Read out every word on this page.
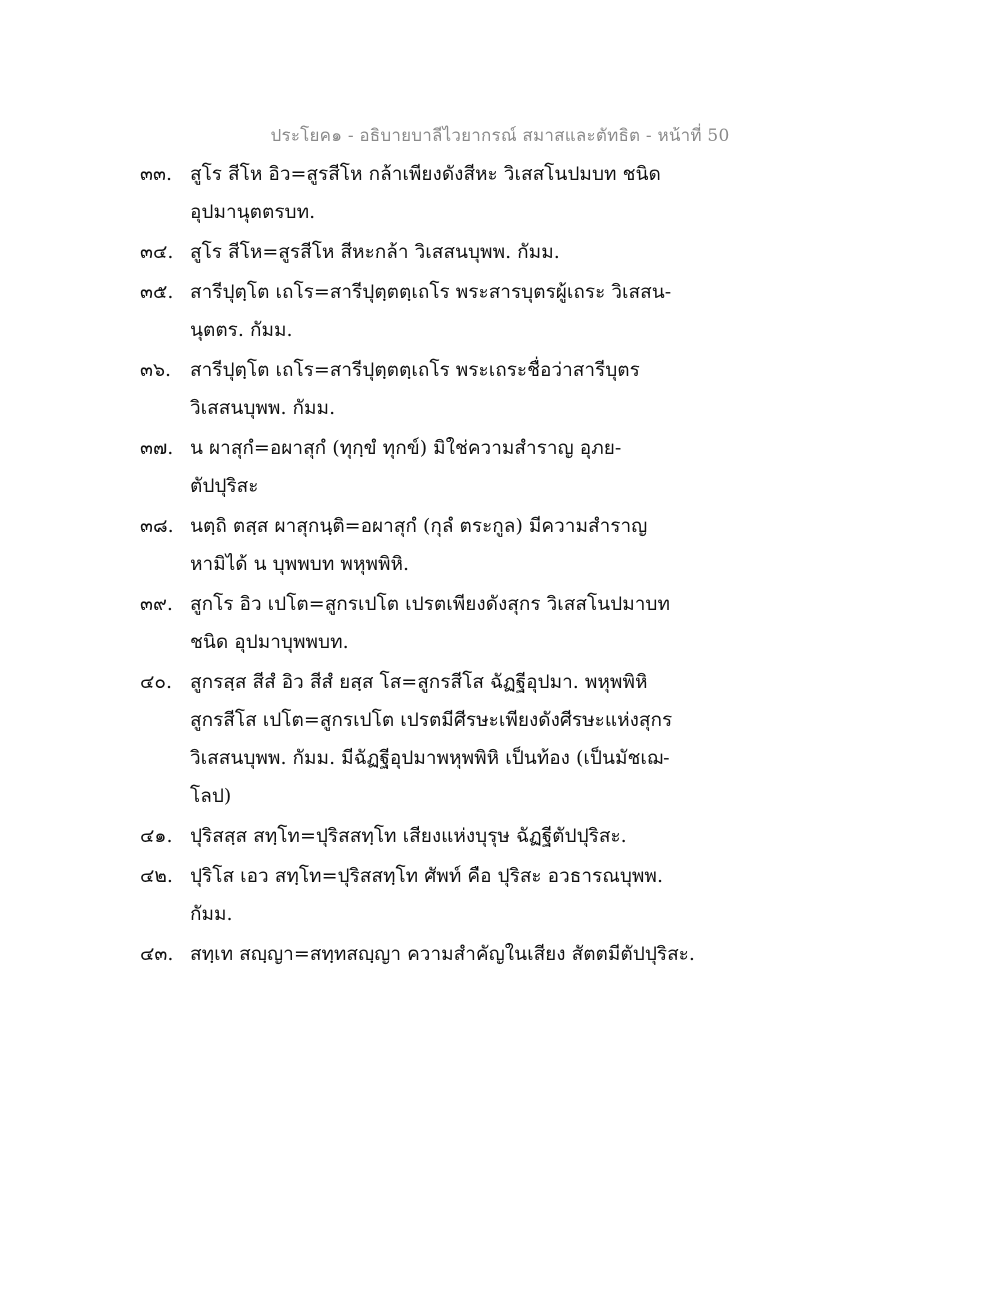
ประโยค๑ - อธิบายบาลีไวยากรณ์ สมาสและตัทธิต - หน้าที่ 50
๓๓. สูโร สีโห อิว=สูรสีโห กล้าเพียงดังสีหะ วิเสสโนปมบท ชนิด
อุปมานุตตรบท.
๓๔. สูโร สีโห=สูรสีโห สีหะกล้า วิเสสนบุพพ. กัมม.
๓๕. สารีปุตฺโต เถโร=สารีปุตฺตตฺเถโร พระสารบุตรผู้เถระ วิเสสน-
นุตตร. กัมม.
๓๖. สารีปุตฺโต เถโร=สารีปุตฺตตฺเถโร พระเถระชื่อว่าสารีบุตร
วิเสสนบุพพ. กัมม.
๓๗. น ผาสุกํ=อผาสุกํ (ทุกฺขํ ทุกข์) มิใช่ความสำราญ อุภย-
ตัปปุริสะ
๓๘. นตฺถิ ตสฺส ผาสุกนฺติ=อผาสุกํ (กุลํ ตระกูล) มีความสำราญ
หามิได้ น บุพพบท พหุพพิหิ.
๓๙. สูกโร อิว เปโต=สูกรเปโต เปรตเพียงดังสุกร วิเสสโนปมาบท
ชนิด อุปมาบุพพบท.
๔๐. สูกรสฺส สีสํ อิว สีสํ ยสฺส โส=สูกรสีโส ฉัฏฐีอุปมา. พหุพพิหิ
สูกรสีโส เปโต=สูกรเปโต เปรตมีศีรษะเพียงดังศีรษะแห่งสุกร
วิเสสนบุพพ. กัมม. มีฉัฏฐีอุปมาพหุพพิหิ เป็นท้อง (เป็นมัชเฌ-
โลป)
๔๑. ปุริสสฺส สทฺโท=ปุริสสทฺโท เสียงแห่งบุรุษ ฉัฏฐีตัปปุริสะ.
๔๒. ปุริโส เอว สทฺโท=ปุริสสทฺโท ศัพท์ คือ ปุริสะ อวธารณบุพพ.
กัมม.
๔๓. สทฺเท สญฺญา=สทฺทสญฺญา ความสำคัญในเสียง สัตตมีตัปปุริสะ.
